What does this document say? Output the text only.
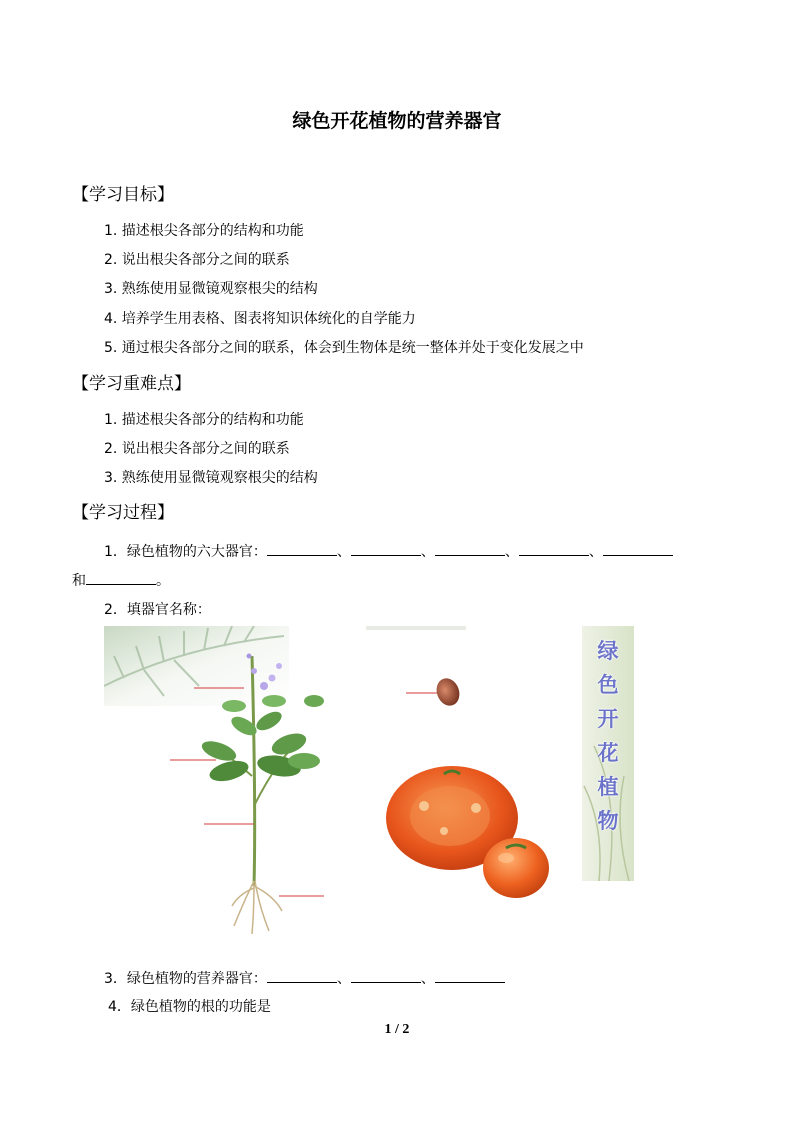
绿色开花植物的营养器官
【学习目标】
1. 描述根尖各部分的结构和功能
2. 说出根尖各部分之间的联系
3. 熟练使用显微镜观察根尖的结构
4. 培养学生用表格、图表将知识体统化的自学能力
5. 通过根尖各部分之间的联系，体会到生物体是统一整体并处于变化发展之中
【学习重难点】
1. 描述根尖各部分的结构和功能
2. 说出根尖各部分之间的联系
3. 熟练使用显微镜观察根尖的结构
【学习过程】
1．绿色植物的六大器官：	、	、	、	、
和	。
2．填器官名称：
绿
色
开
花
植
物
3．绿色植物的营养器官：	、	、
4．绿色植物的根的功能是
1 / 2
